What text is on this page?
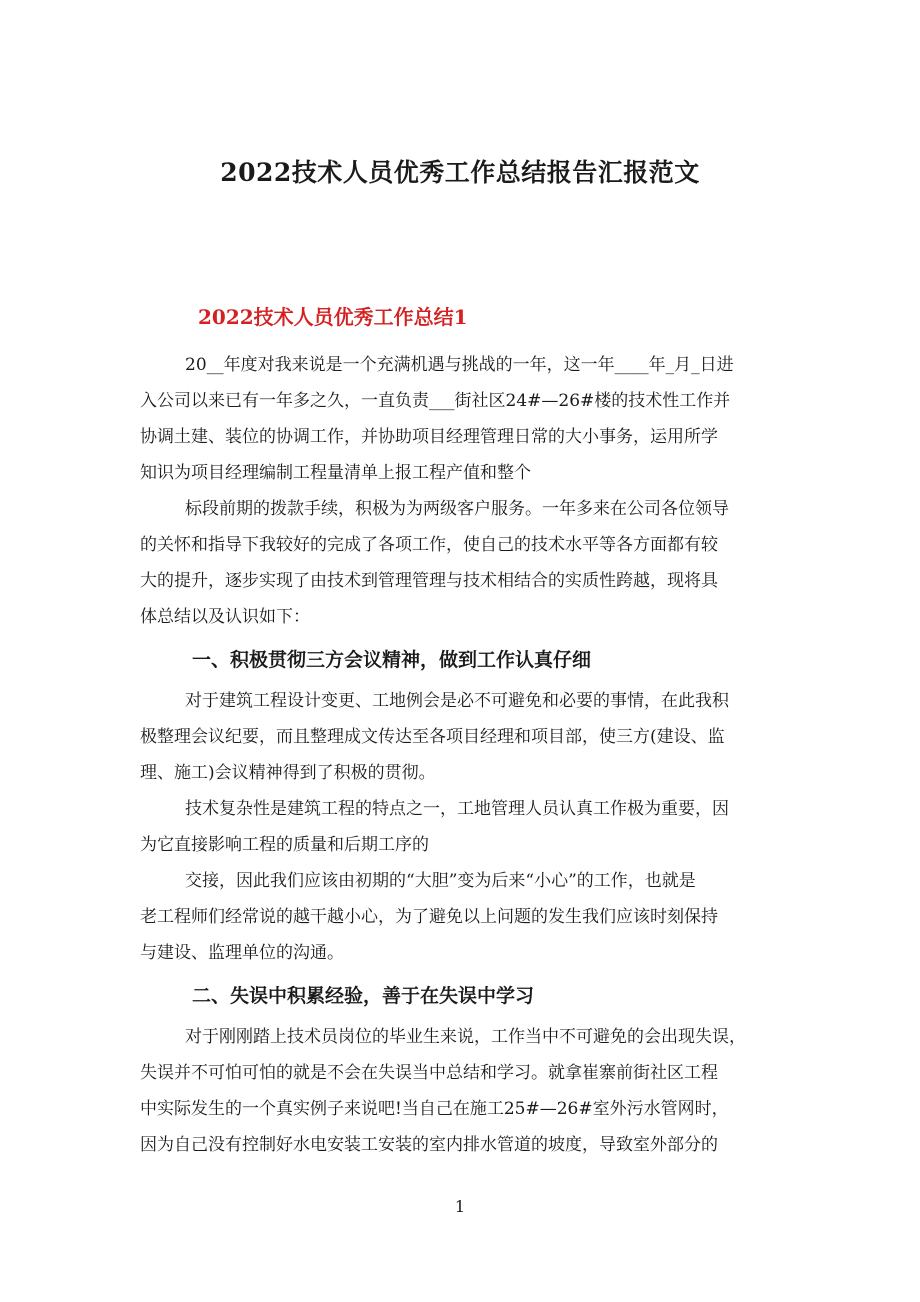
2022技术人员优秀工作总结报告汇报范文
2022技术人员优秀工作总结1
20__年度对我来说是一个充满机遇与挑战的一年，这一年____年_月_日进
入公司以来已有一年多之久，一直负责___街社区24#—26#楼的技术性工作并
协调土建、装位的协调工作，并协助项目经理管理日常的大小事务，运用所学
知识为项目经理编制工程量清单上报工程产值和整个
标段前期的拨款手续，积极为为两级客户服务。一年多来在公司各位领导
的关怀和指导下我较好的完成了各项工作，使自己的技术水平等各方面都有较
大的提升，逐步实现了由技术到管理管理与技术相结合的实质性跨越，现将具
体总结以及认识如下：
一、积极贯彻三方会议精神，做到工作认真仔细
对于建筑工程设计变更、工地例会是必不可避免和必要的事情，在此我积
极整理会议纪要，而且整理成文传达至各项目经理和项目部，使三方(建设、监
理、施工)会议精神得到了积极的贯彻。
技术复杂性是建筑工程的特点之一，工地管理人员认真工作极为重要，因
为它直接影响工程的质量和后期工序的
交接，因此我们应该由初期的“大胆”变为后来“小心”的工作，也就是
老工程师们经常说的越干越小心，为了避免以上问题的发生我们应该时刻保持
与建设、监理单位的沟通。
二、失误中积累经验，善于在失误中学习
对于刚刚踏上技术员岗位的毕业生来说，工作当中不可避免的会出现失误，
失误并不可怕可怕的就是不会在失误当中总结和学习。就拿崔寨前街社区工程
中实际发生的一个真实例子来说吧!当自己在施工25#—26#室外污水管网时，
因为自己没有控制好水电安装工安装的室内排水管道的坡度，导致室外部分的
1
